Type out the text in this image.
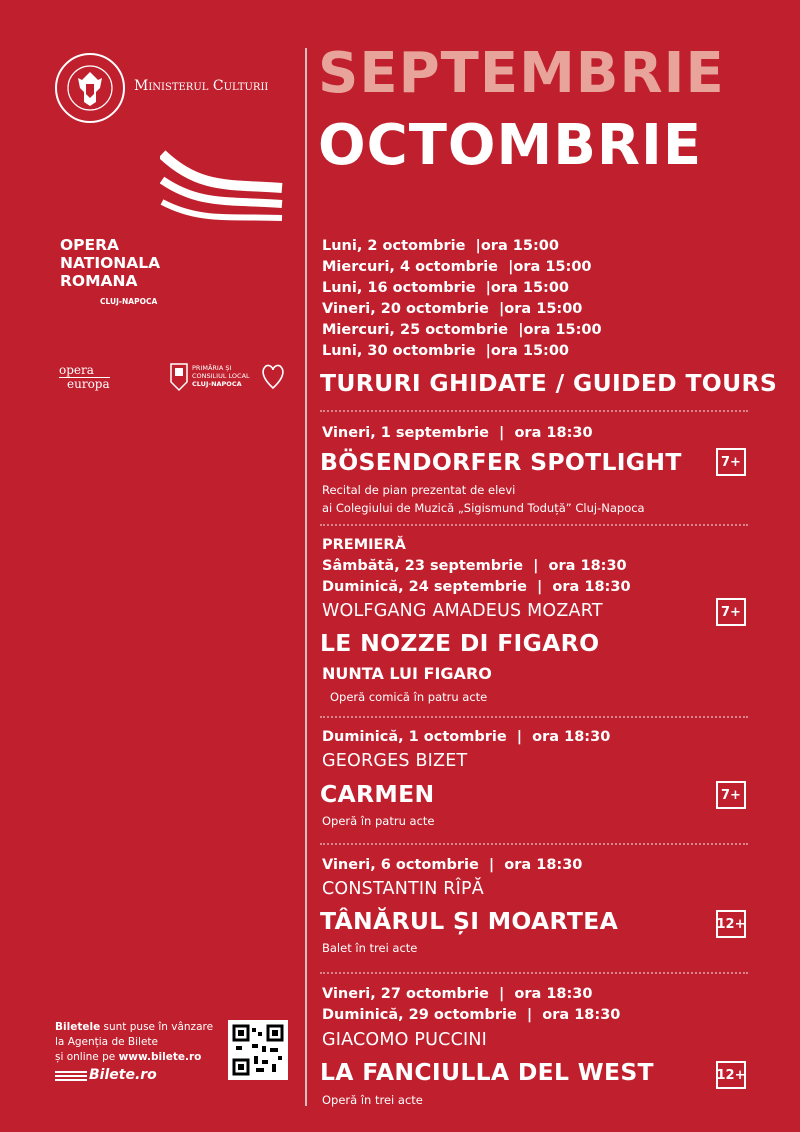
Ministerul Culturii
OPERA
NATIONALA
ROMANA
CLUJ-NAPOCA
opera
europa
PRIMĂRIA ȘI
CONSILIUL LOCAL
CLUJ-NAPOCA
Biletele sunt puse în vânzare
la Agenția de Bilete
și online pe www.bilete.ro
Bilete.ro
SEPTEMBRIE
OCTOMBRIE
Luni, 2 octombrie  |ora 15:00
Miercuri, 4 octombrie  |ora 15:00
Luni, 16 octombrie  |ora 15:00
Vineri, 20 octombrie  |ora 15:00
Miercuri, 25 octombrie  |ora 15:00
Luni, 30 octombrie  |ora 15:00
TURURI GHIDATE / GUIDED TOURS
Vineri, 1 septembrie  |  ora 18:30
BÖSENDORFER SPOTLIGHT	7+
Recital de pian prezentat de elevi
ai Colegiului de Muzică „Sigismund Toduță” Cluj-Napoca
PREMIERĂ
Sâmbătă, 23 septembrie  |  ora 18:30
Duminică, 24 septembrie  |  ora 18:30
WOLFGANG AMADEUS MOZART	7+
LE NOZZE DI FIGARO
NUNTA LUI FIGARO
Operă comică în patru acte
Duminică, 1 octombrie  |  ora 18:30
GEORGES BIZET
CARMEN	7+
Operă în patru acte
Vineri, 6 octombrie  |  ora 18:30
CONSTANTIN RÎPĂ
TÂNĂRUL ȘI MOARTEA	12+
Balet în trei acte
Vineri, 27 octombrie  |  ora 18:30
Duminică, 29 octombrie  |  ora 18:30
GIACOMO PUCCINI
LA FANCIULLA DEL WEST	12+
Operă în trei acte
